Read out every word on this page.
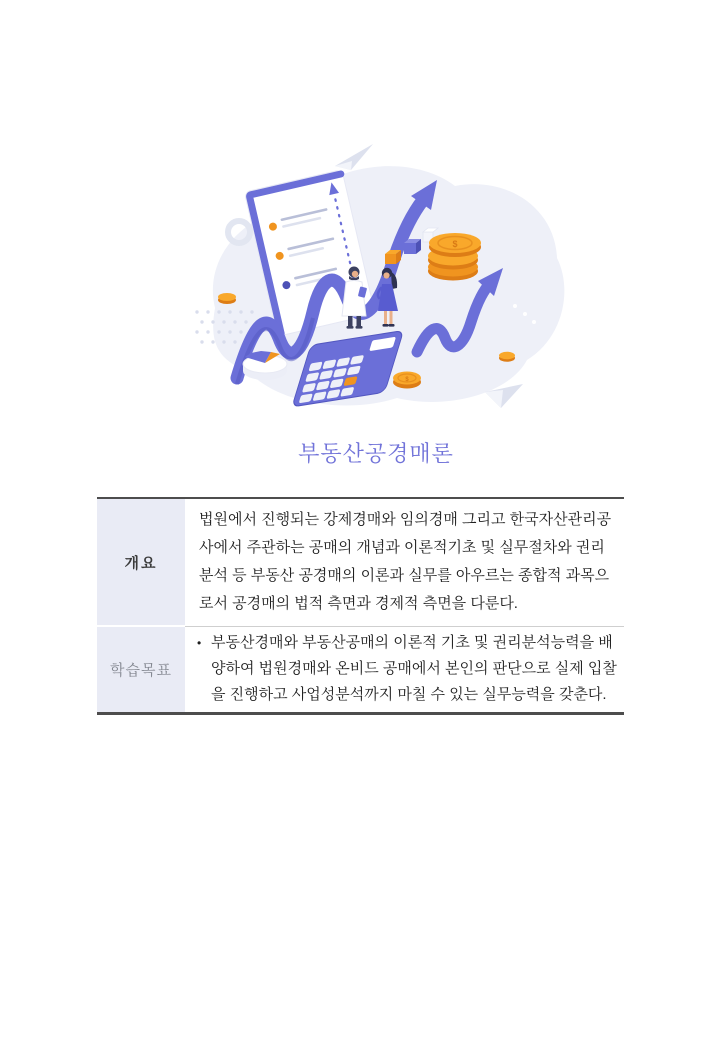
$
$
부동산공경매론
개요
법원에서 진행되는 강제경매와 임의경매 그리고 한국자산관리공사에서 주관하는 공매의 개념과 이론적기초 및 실무절차와 권리분석 등 부동산 공경매의 이론과 실무를 아우르는 종합적 과목으로서 공경매의 법적 측면과 경제적 측면을 다룬다.
학습목표
• 부동산경매와 부동산공매의 이론적 기초 및 권리분석능력을 배양하여 법원경매와 온비드 공매에서 본인의 판단으로 실제 입찰을 진행하고 사업성분석까지 마칠 수 있는 실무능력을 갖춘다.
